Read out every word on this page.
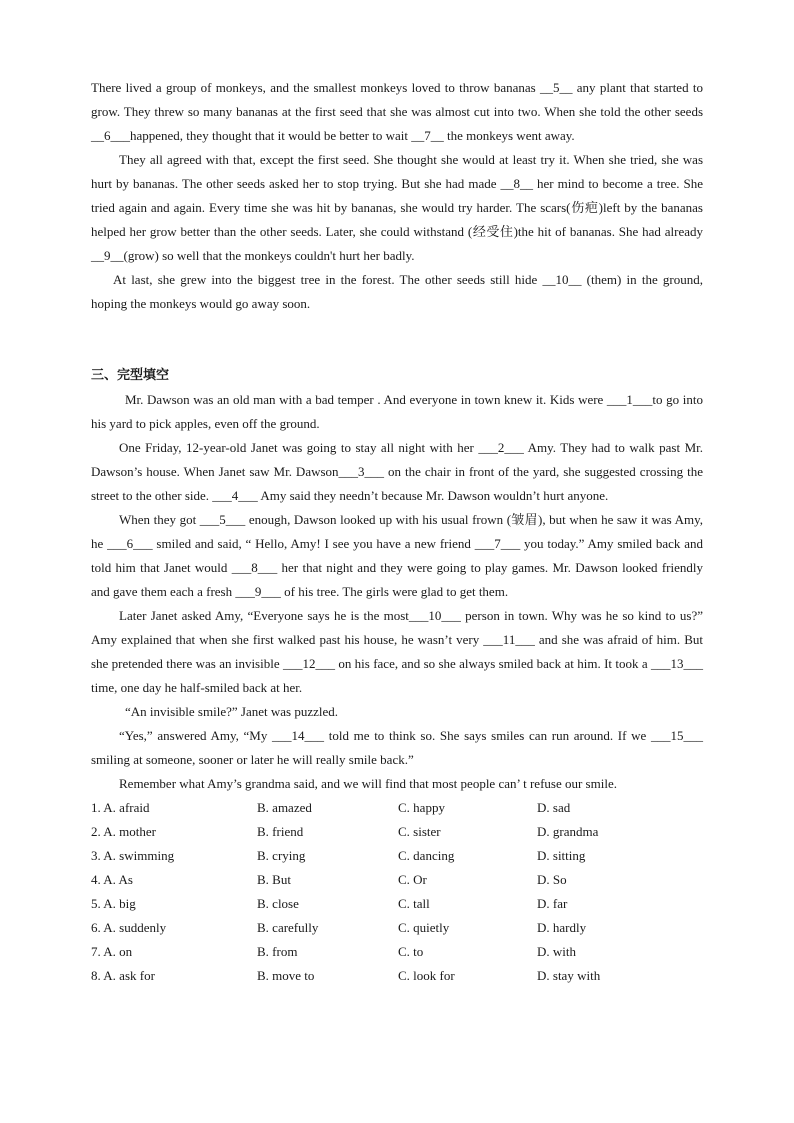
There lived a group of monkeys, and the smallest monkeys loved to throw bananas __5__ any plant that started to grow. They threw so many bananas at the first seed that she was almost cut into two. When she told the other seeds __6___happened, they thought that it would be better to wait __7__ the monkeys went away.

They all agreed with that, except the first seed. She thought she would at least try it. When she tried, she was hurt by bananas. The other seeds asked her to stop trying. But she had made __8__ her mind to become a tree. She tried again and again. Every time she was hit by bananas, she would try harder. The scars(伤疤)left by the bananas helped her grow better than the other seeds. Later, she could withstand (经受住)the hit of bananas. She had already __9__(grow) so well that the monkeys couldn't hurt her badly.

At last, she grew into the biggest tree in the forest. The other seeds still hide __10__ (them) in the ground, hoping the monkeys would go away soon.

三、完型填空

Mr. Dawson was an old man with a bad temper . And everyone in town knew it. Kids were ___1___to go into his yard to pick apples, even off the ground.

One Friday, 12-year-old Janet was going to stay all night with her ___2___ Amy. They had to walk past Mr. Dawson’s house. When Janet saw Mr. Dawson___3___ on the chair in front of the yard, she suggested crossing the street to the other side. ___4___ Amy said they needn’t because Mr. Dawson wouldn’t hurt anyone.

When they got ___5___ enough, Dawson looked up with his usual frown (皱眉), but when he saw it was Amy, he ___6___ smiled and said, “ Hello, Amy! I see you have a new friend ___7___ you today.” Amy smiled back and told him that Janet would ___8___ her that night and they were going to play games. Mr. Dawson looked friendly and gave them each a fresh ___9___ of his tree. The girls were glad to get them.

Later Janet asked Amy, “Everyone says he is the most___10___ person in town. Why was he so kind to us?” Amy explained that when she first walked past his house, he wasn’t very ___11___ and she was afraid of him. But she pretended there was an invisible ___12___ on his face, and so she always smiled back at him. It took a ___13___ time, one day he half-smiled back at her.

“An invisible smile?” Janet was puzzled.

“Yes,” answered Amy, “My ___14___ told me to think so. She says smiles can run around. If we ___15___ smiling at someone, sooner or later he will really smile back.”

Remember what Amy’s grandma said, and we will find that most people can’ t refuse our smile.

1. A. afraid	B. amazed	C. happy	D. sad
2. A. mother	B. friend	C. sister	D. grandma
3. A. swimming	B. crying	C. dancing	D. sitting
4. A. As	B. But	C. Or	D. So
5. A. big	B. close	C. tall	D. far
6. A. suddenly	B. carefully	C. quietly	D. hardly
7. A. on	B. from	C. to	D. with
8. A. ask for	B. move to	C. look for	D. stay with
